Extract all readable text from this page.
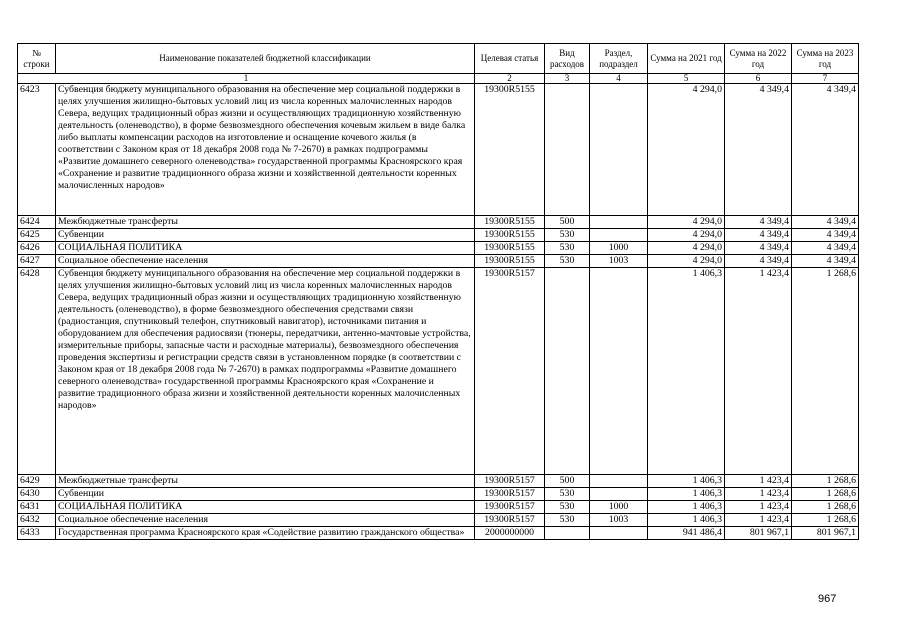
№ строки	Наименование показателей бюджетной классификации	Целевая статья	Вид расходов	Раздел, подраздел	Сумма на 2021 год	Сумма на 2022 год	Сумма на 2023 год
1		2	3	4	5	6	7
6423	Субвенция бюджету муниципального образования на обеспечение мер социальной поддержки в целях улучшения жилищно-бытовых условий лиц из числа коренных малочисленных народов Севера, ведущих традиционный образ жизни и осуществляющих традиционную хозяйственную деятельность (оленеводство), в форме безвозмездного обеспечения кочевым жильем в виде балка либо выплаты компенсации расходов на изготовление и оснащение кочевого жилья (в соответствии с Законом края от 18 декабря 2008 года № 7-2670) в рамках подпрограммы «Развитие домашнего северного оленеводства» государственной программы Красноярского края «Сохранение и развитие традиционного образа жизни и хозяйственной деятельности коренных малочисленных народов»	19300R5155			4 294,0	4 349,4	4 349,4
6424	Межбюджетные трансферты	19300R5155	500		4 294,0	4 349,4	4 349,4
6425	Субвенции	19300R5155	530		4 294,0	4 349,4	4 349,4
6426	СОЦИАЛЬНАЯ ПОЛИТИКА	19300R5155	530	1000	4 294,0	4 349,4	4 349,4
6427	Социальное обеспечение населения	19300R5155	530	1003	4 294,0	4 349,4	4 349,4
6428	Субвенция бюджету муниципального образования на обеспечение мер социальной поддержки в целях улучшения жилищно-бытовых условий лиц из числа коренных малочисленных народов Севера, ведущих традиционный образ жизни и осуществляющих традиционную хозяйственную деятельность (оленеводство), в форме безвозмездного обеспечения средствами связи (радиостанция, спутниковый телефон, спутниковый навигатор), источниками питания и оборудованием для обеспечения радиосвязи (тюнеры, передатчики, антенно-мачтовые устройства, измерительные приборы, запасные части и расходные материалы), безвозмездного обеспечения проведения экспертизы и регистрации средств связи в установленном порядке (в соответствии с Законом края от 18 декабря 2008 года № 7-2670) в рамках подпрограммы «Развитие домашнего северного оленеводства» государственной программы Красноярского края «Сохранение и развитие традиционного образа жизни и хозяйственной деятельности коренных малочисленных народов»	19300R5157			1 406,3	1 423,4	1 268,6
6429	Межбюджетные трансферты	19300R5157	500		1 406,3	1 423,4	1 268,6
6430	Субвенции	19300R5157	530		1 406,3	1 423,4	1 268,6
6431	СОЦИАЛЬНАЯ ПОЛИТИКА	19300R5157	530	1000	1 406,3	1 423,4	1 268,6
6432	Социальное обеспечение населения	19300R5157	530	1003	1 406,3	1 423,4	1 268,6
6433	Государственная программа Красноярского края «Содействие развитию гражданского общества»	2000000000			941 486,4	801 967,1	801 967,1
967
